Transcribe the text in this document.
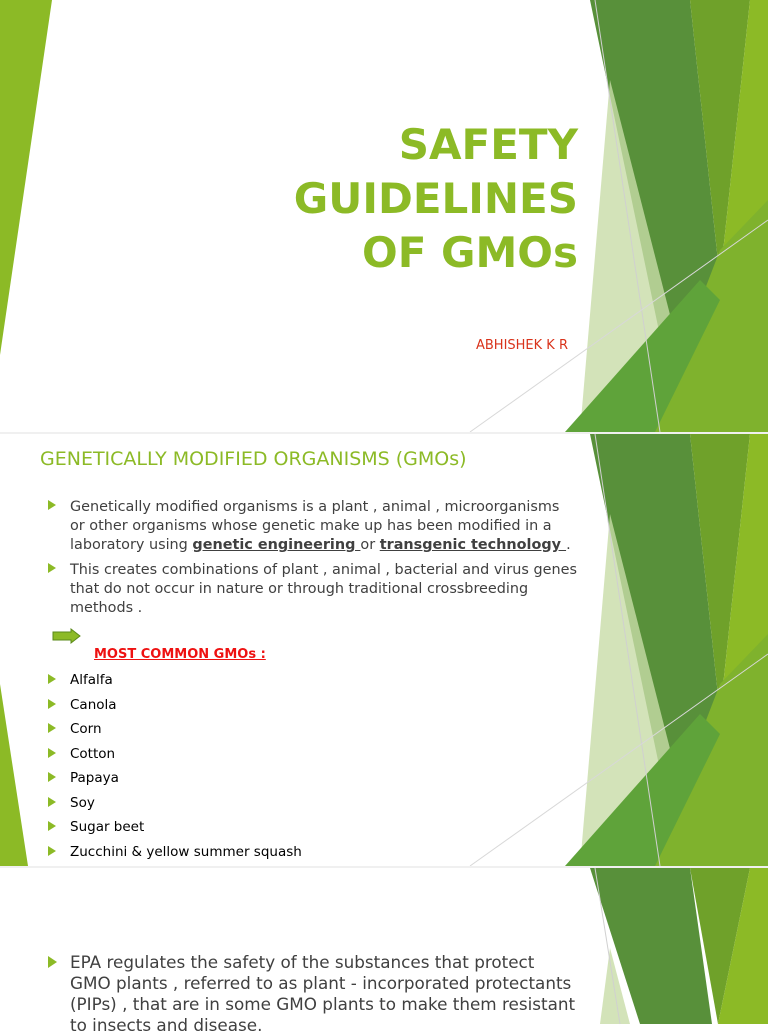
SAFETY
GUIDELINES
OF GMOs
ABHISHEK K R
GENETICALLY MODIFIED ORGANISMS (GMOs)
Genetically modified organisms is a plant , animal , microorganisms or other organisms whose genetic make up has been modified in a laboratory using genetic engineering or transgenic technology .
This creates combinations of plant , animal , bacterial and virus genes that do not occur in nature or through traditional crossbreeding methods .
MOST COMMON GMOs :
Alfalfa
Canola
Corn
Cotton
Papaya
Soy
Sugar beet
Zucchini & yellow summer squash
EPA regulates the safety of the substances that protect GMO plants , referred to as plant - incorporated protectants (PIPs) , that are in some GMO plants to make them resistant to insects and disease.
